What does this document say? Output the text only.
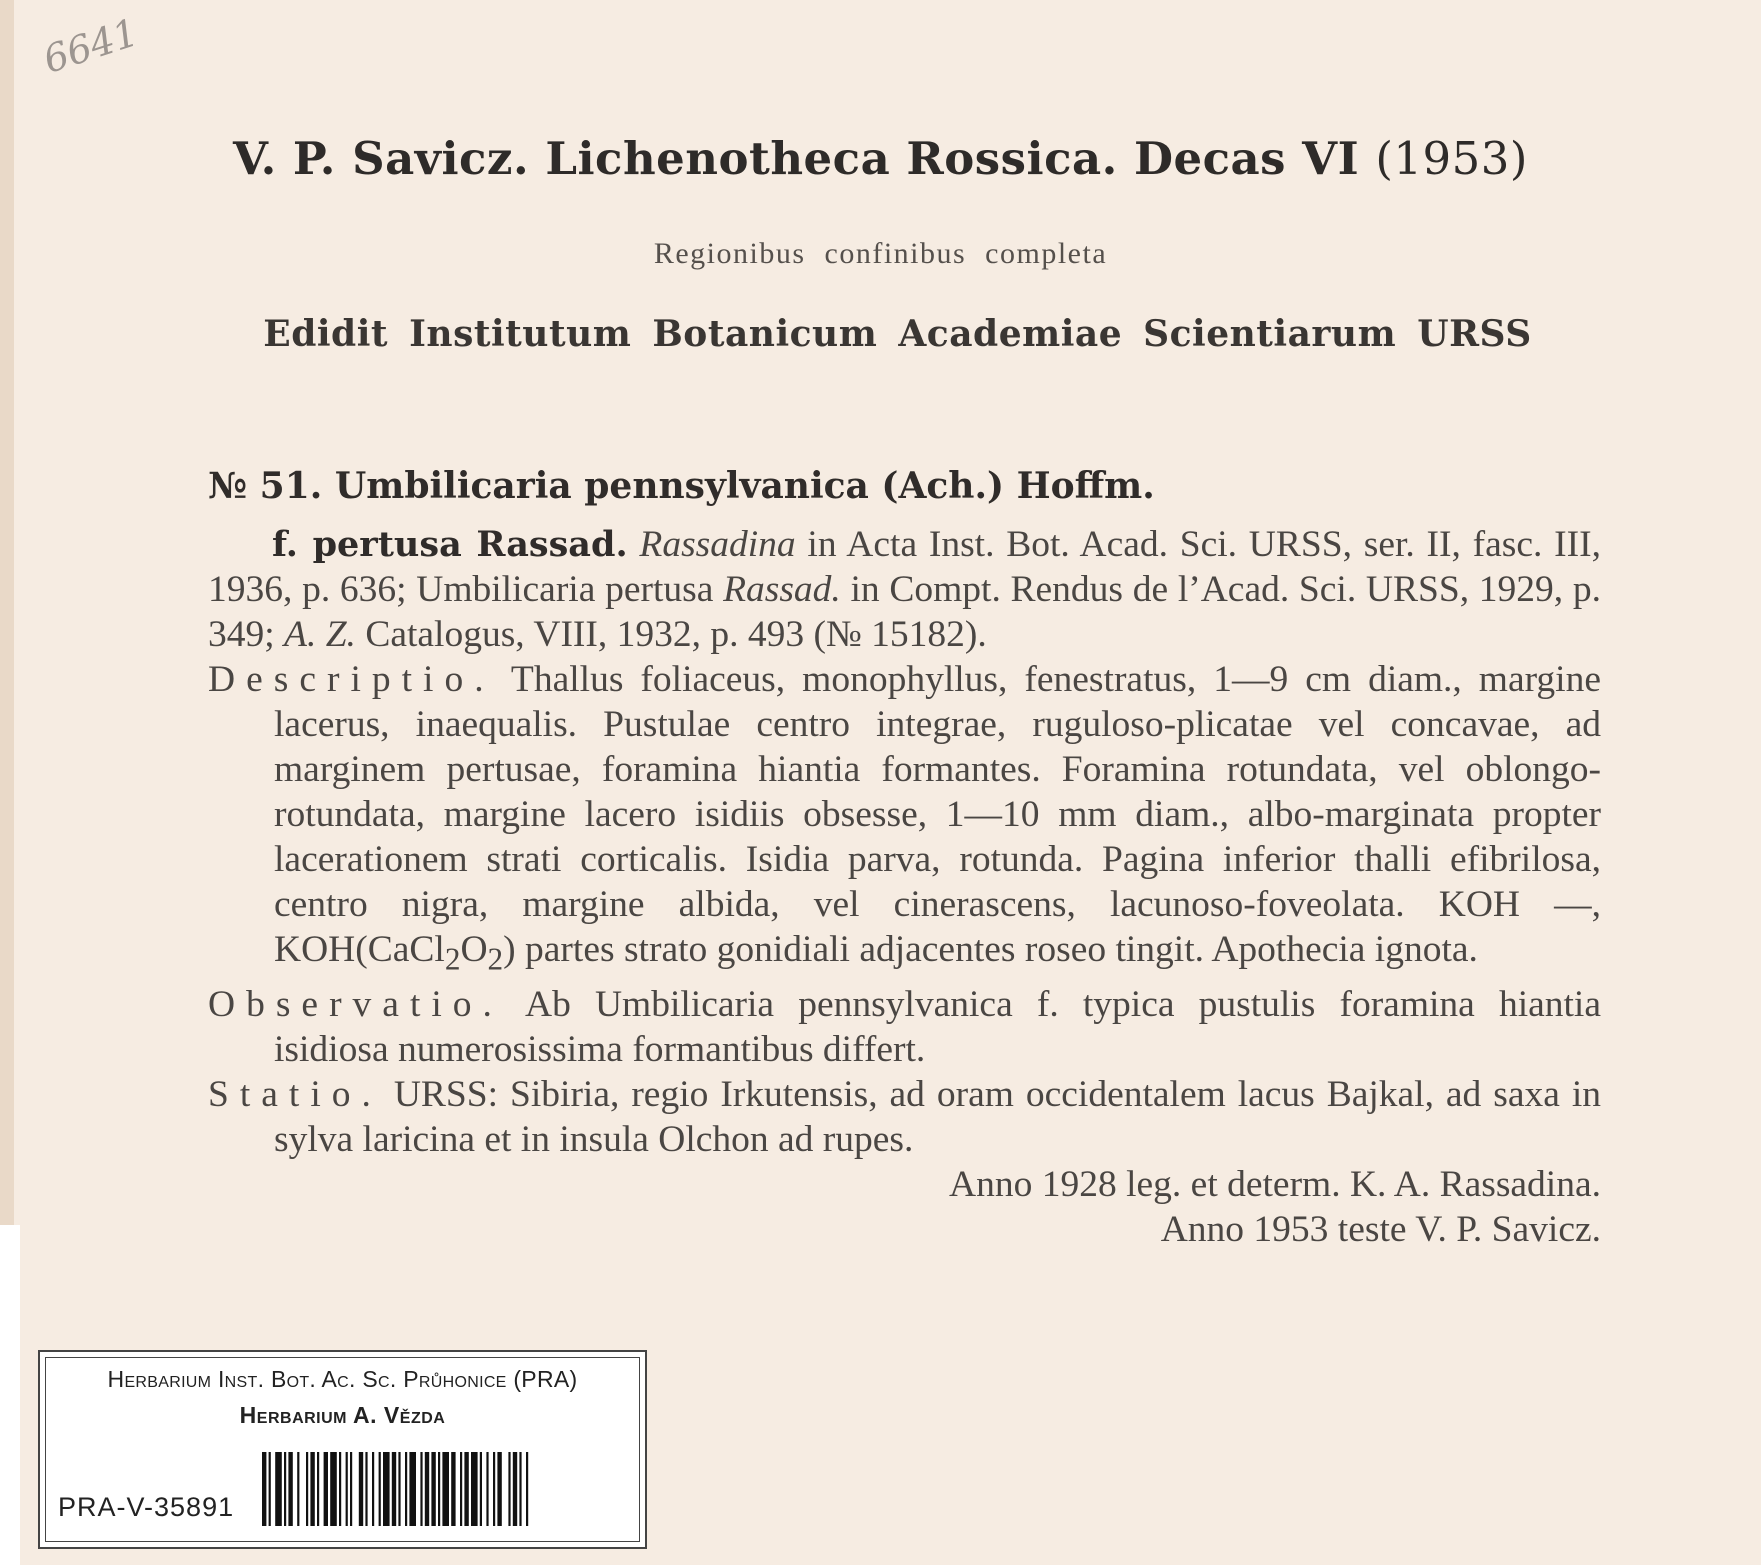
6641
V. P. Savicz. Lichenotheca Rossica. Decas VI (1953)
Regionibus confinibus completa
Edidit Institutum Botanicum Academiae Scientiarum URSS
№ 51. Umbilicaria pennsylvanica (Ach.) Hoffm.
f. pertusa Rassad. Rassadina in Acta Inst. Bot. Acad. Sci. URSS, ser. II, fasc. III, 1936, p. 636; Umbilicaria pertusa Rassad. in Compt. Rendus de l’Acad. Sci. URSS, 1929, p. 349; A. Z. Catalogus, VIII, 1932, p. 493 (№ 15182).
Descriptio. Thallus foliaceus, monophyllus, fenestratus, 1—9 cm diam., margine lacerus, inaequalis. Pustulae centro integrae, ruguloso-plicatae vel concavae, ad marginem pertusae, foramina hiantia formantes. Foramina rotundata, vel oblongo-rotundata, margine lacero isidiis obsesse, 1—10 mm diam., albo-marginata propter lacerationem strati corticalis. Isidia parva, rotunda. Pagina inferior thalli efibrilosa, centro nigra, margine albida, vel cinerascens, lacunoso-foveolata. KOH —, $KOH(CaCl_2O_2)$ partes strato gonidiali adjacentes roseo tingit. Apothecia ignota.
Observatio. Ab Umbilicaria pennsylvanica f. typica pustulis foramina hiantia isidiosa numerosissima formantibus differt.
Statio. URSS: Sibiria, regio Irkutensis, ad oram occidentalem lacus Bajkal, ad saxa in sylva laricina et in insula Olchon ad rupes.
Anno 1928 leg. et determ. K. A. Rassadina.
Anno 1953 teste V. P. Savicz.
Herbarium Inst. Bot. Ac. Sc. Průhonice (PRA)
Herbarium A. Vězda
PRA-V-35891
